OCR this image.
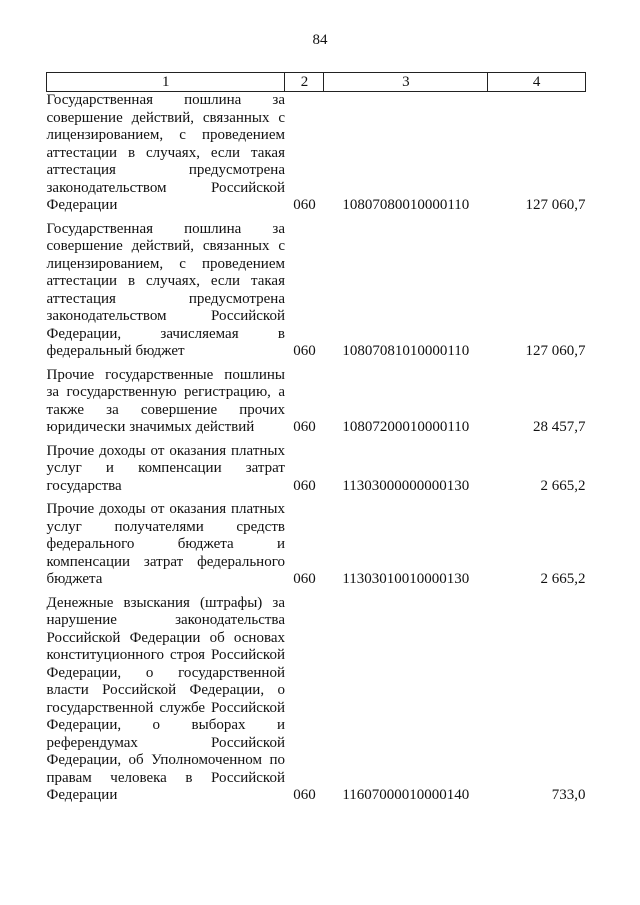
84
1	2	3	4
Государственная пошлина за совершение действий, связанных с лицензированием, с проведением аттестации в случаях, если такая аттестация предусмотрена законодательством Российской Федерации	060	10807080010000110	127 060,7
Государственная пошлина за совершение действий, связанных с лицензированием, с проведением аттестации в случаях, если такая аттестация предусмотрена законодательством Российской Федерации, зачисляемая в федеральный бюджет	060	10807081010000110	127 060,7
Прочие государственные пошлины за государственную регистрацию, а также за совершение прочих юридически значимых действий	060	10807200010000110	28 457,7
Прочие доходы от оказания платных услуг и компенсации затрат государства	060	11303000000000130	2 665,2
Прочие доходы от оказания платных услуг получателями средств федерального бюджета и компенсации затрат федерального бюджета	060	11303010010000130	2 665,2
Денежные взыскания (штрафы) за нарушение законодательства Российской Федерации об основах конституционного строя Российской Федерации, о государственной власти Российской Федерации, о государственной службе Российской Федерации, о выборах и референдумах Российской Федерации, об Уполномоченном по правам человека в Российской Федерации	060	11607000010000140	733,0
